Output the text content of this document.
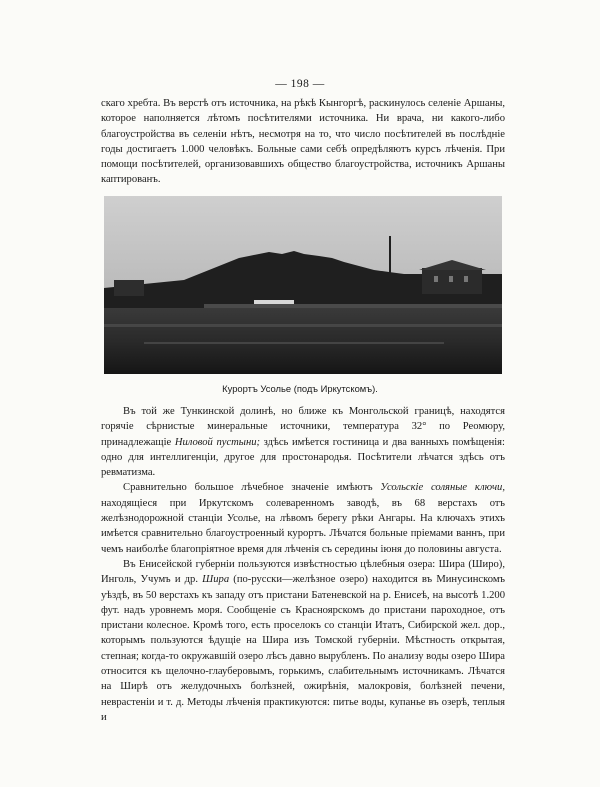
— 198 —

скаго хребта. Въ верстѣ отъ источника, на рѣкѣ Кынгоргѣ, раскинулось селеніе Аршаны, которое наполняется лѣтомъ посѣтителями источника. Ни врача, ни какого-либо благоустройства въ селеніи нѣтъ, несмотря на то, что число посѣтителей въ послѣдніе годы достигаетъ 1.000 человѣкъ. Больные сами себѣ опредѣляютъ курсъ лѣченія. При помощи посѣтителей, организовавшихъ общество благоустройства, источникъ Аршаны каптированъ.

Курортъ Усолье (подъ Иркутскомъ).

Въ той же Тункинской долинѣ, но ближе къ Монгольской границѣ, находятся горячіе сѣрнистые минеральные источники, температура 32° по Реомюру, принадлежащіе Ниловой пустыни; здѣсь имѣется гостиница и два ванныхъ помѣщенія: одно для интеллигенціи, другое для простонародья. Посѣтители лѣчатся здѣсь отъ ревматизма.

Сравнительно большое лѣчебное значеніе имѣютъ Усольскіе соляные ключи, находящіеся при Иркутскомъ солеваренномъ заводѣ, въ 68 верстахъ отъ желѣзнодорожной станціи Усолье, на лѣвомъ берегу рѣки Ангары. На ключахъ этихъ имѣется сравнительно благоустроенный курортъ. Лѣчатся больные пріемами ваннъ, при чемъ наиболѣе благопріятное время для лѣченія съ середины іюня до половины августа.

Въ Енисейской губерніи пользуются извѣстностью цѣлебныя озера: Шира (Широ), Инголь, Учумъ и др. Шира (по-русски—желѣзное озеро) находится въ Минусинскомъ уѣздѣ, въ 50 верстахъ къ западу отъ пристани Батеневской на р. Енисеѣ, на высотѣ 1.200 фут. надъ уровнемъ моря. Сообщеніе съ Красноярскомъ до пристани пароходное, отъ пристани колесное. Кромѣ того, есть проселокъ со станціи Итатъ, Сибирской жел. дор., которымъ пользуются ѣдущіе на Шира изъ Томской губерніи. Мѣстность открытая, степная; когда-то окружавшій озеро лѣсъ давно вырубленъ. По анализу воды озеро Шира относится къ щелочно-глауберовымъ, горькимъ, слабительнымъ источникамъ. Лѣчатся на Ширѣ отъ желудочныхъ болѣзней, ожирѣнія, малокровія, болѣзней печени, неврастеніи и т. д. Методы лѣченія практикуются: питье воды, купанье въ озерѣ, теплыя и
